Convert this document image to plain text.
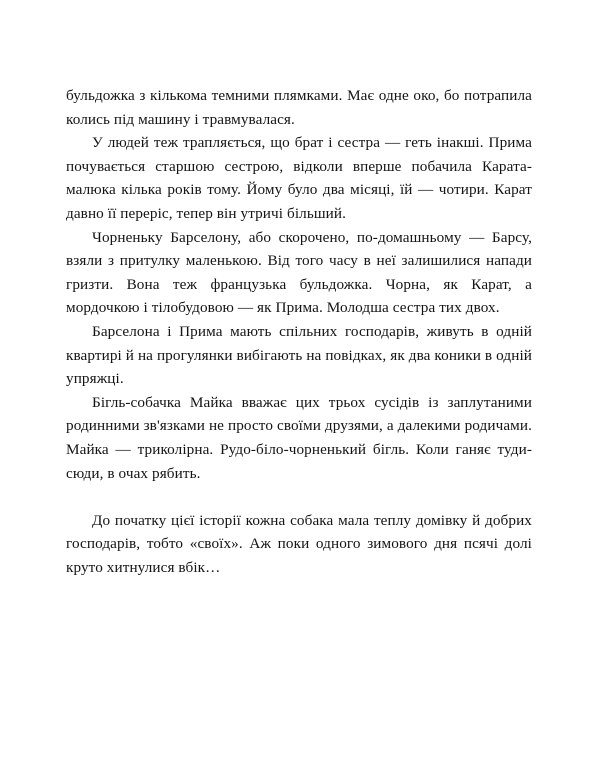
бульдожка з кількома темними плямками. Має одне око, бо потрапила колись під машину і травмувалася.

У людей теж трапляється, що брат і сестра — геть інакші. Прима почувається старшою сестрою, відколи вперше побачила Карата-малюка кілька років тому. Йому було два місяці, їй — чотири. Карат давно її переріс, тепер він утричі більший.

Чорненьку Барселону, або скорочено, по-домашньому — Барсу, взяли з притулку маленькою. Від того часу в неї залишилися напади гризти. Вона теж французька бульдожка. Чорна, як Карат, а мордочкою і тілобудовою — як Прима. Молодша сестра тих двох.

Барселона і Прима мають спільних господарів, живуть в одній квартирі й на прогулянки вибігають на повідках, як два коники в одній упряжці.

Бігль-собачка Майка вважає цих трьох сусідів із заплутаними родинними зв'язками не просто своїми друзями, а далекими родичами. Майка — триколірна. Рудо-біло-чорненький бігль. Коли ганяє туди-сюди, в очах рябить.

До початку цієї історії кожна собака мала теплу домівку й добрих господарів, тобто «своїх». Аж поки одного зимового дня псячі долі круто хитнулися вбік…
